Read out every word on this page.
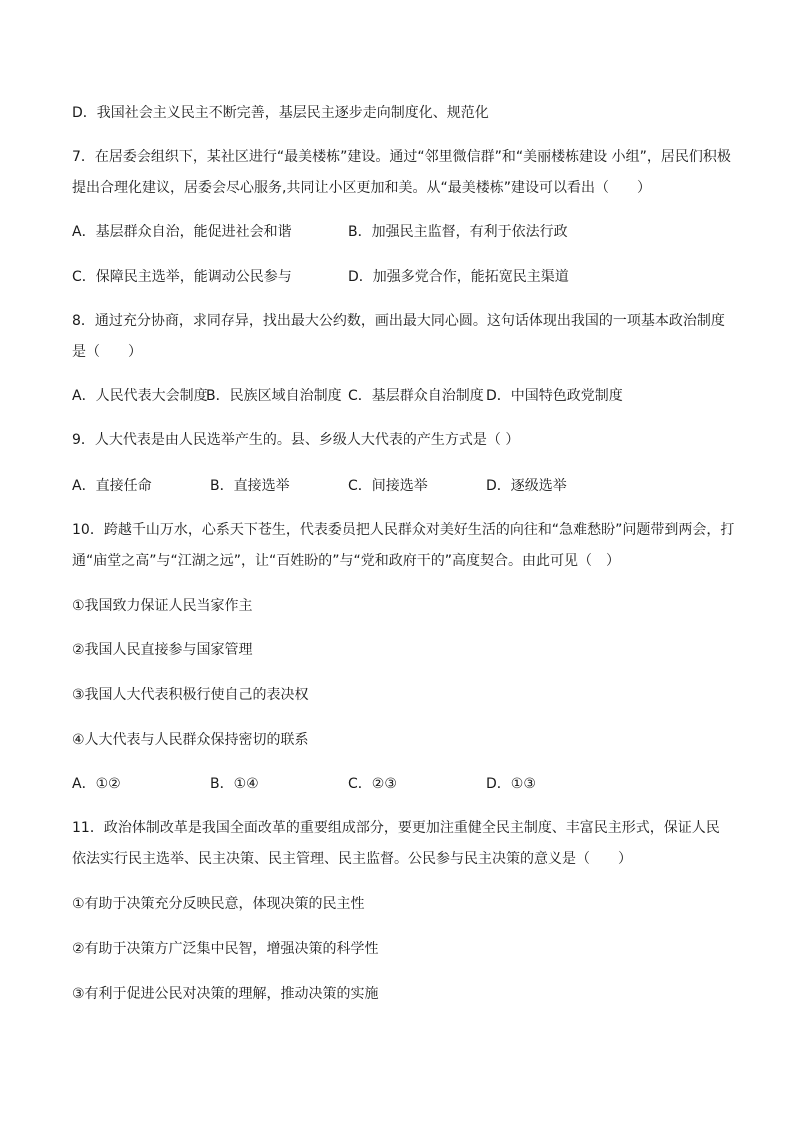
D．我国社会主义民主不断完善，基层民主逐步走向制度化、规范化
7．在居委会组织下，某社区进行“最美楼栋”建设。通过“邻里微信群”和“美丽楼栋建设 小组”，居民们积极
提出合理化建议，居委会尽心服务,共同让小区更加和美。从“最美楼栋”建设可以看出（　　）
A．基层群众自治，能促进社会和谐	B．加强民主监督，有利于依法行政
C．保障民主选举，能调动公民参与	D．加强多党合作，能拓宽民主渠道
8．通过充分协商，求同存异，找出最大公约数，画出最大同心圆。这句话体现出我国的一项基本政治制度
是（　　）
A．人民代表大会制度
B．民族区域自治制度 C．基层群众自治制度 D．中国特色政党制度
9．人大代表是由人民选举产生的。县、乡级人大代表的产生方式是（ ）
A．直接任命	B．直接选举	C．间接选举	D．逐级选举
10．跨越千山万水，心系天下苍生，代表委员把人民群众对美好生活的向往和“急难愁盼”问题带到两会，打
通“庙堂之高”与“江湖之远”，让“百姓盼的”与“党和政府干的”高度契合。由此可见（　）
①我国致力保证人民当家作主
②我国人民直接参与国家管理
③我国人大代表积极行使自己的表决权
④人大代表与人民群众保持密切的联系
A．①②	B．①④	C．②③	D．①③
11．政治体制改革是我国全面改革的重要组成部分，要更加注重健全民主制度、丰富民主形式，保证人民
依法实行民主选举、民主决策、民主管理、民主监督。公民参与民主决策的意义是（　　）
①有助于决策充分反映民意，体现决策的民主性
②有助于决策方广泛集中民智，增强决策的科学性
③有利于促进公民对决策的理解，推动决策的实施
